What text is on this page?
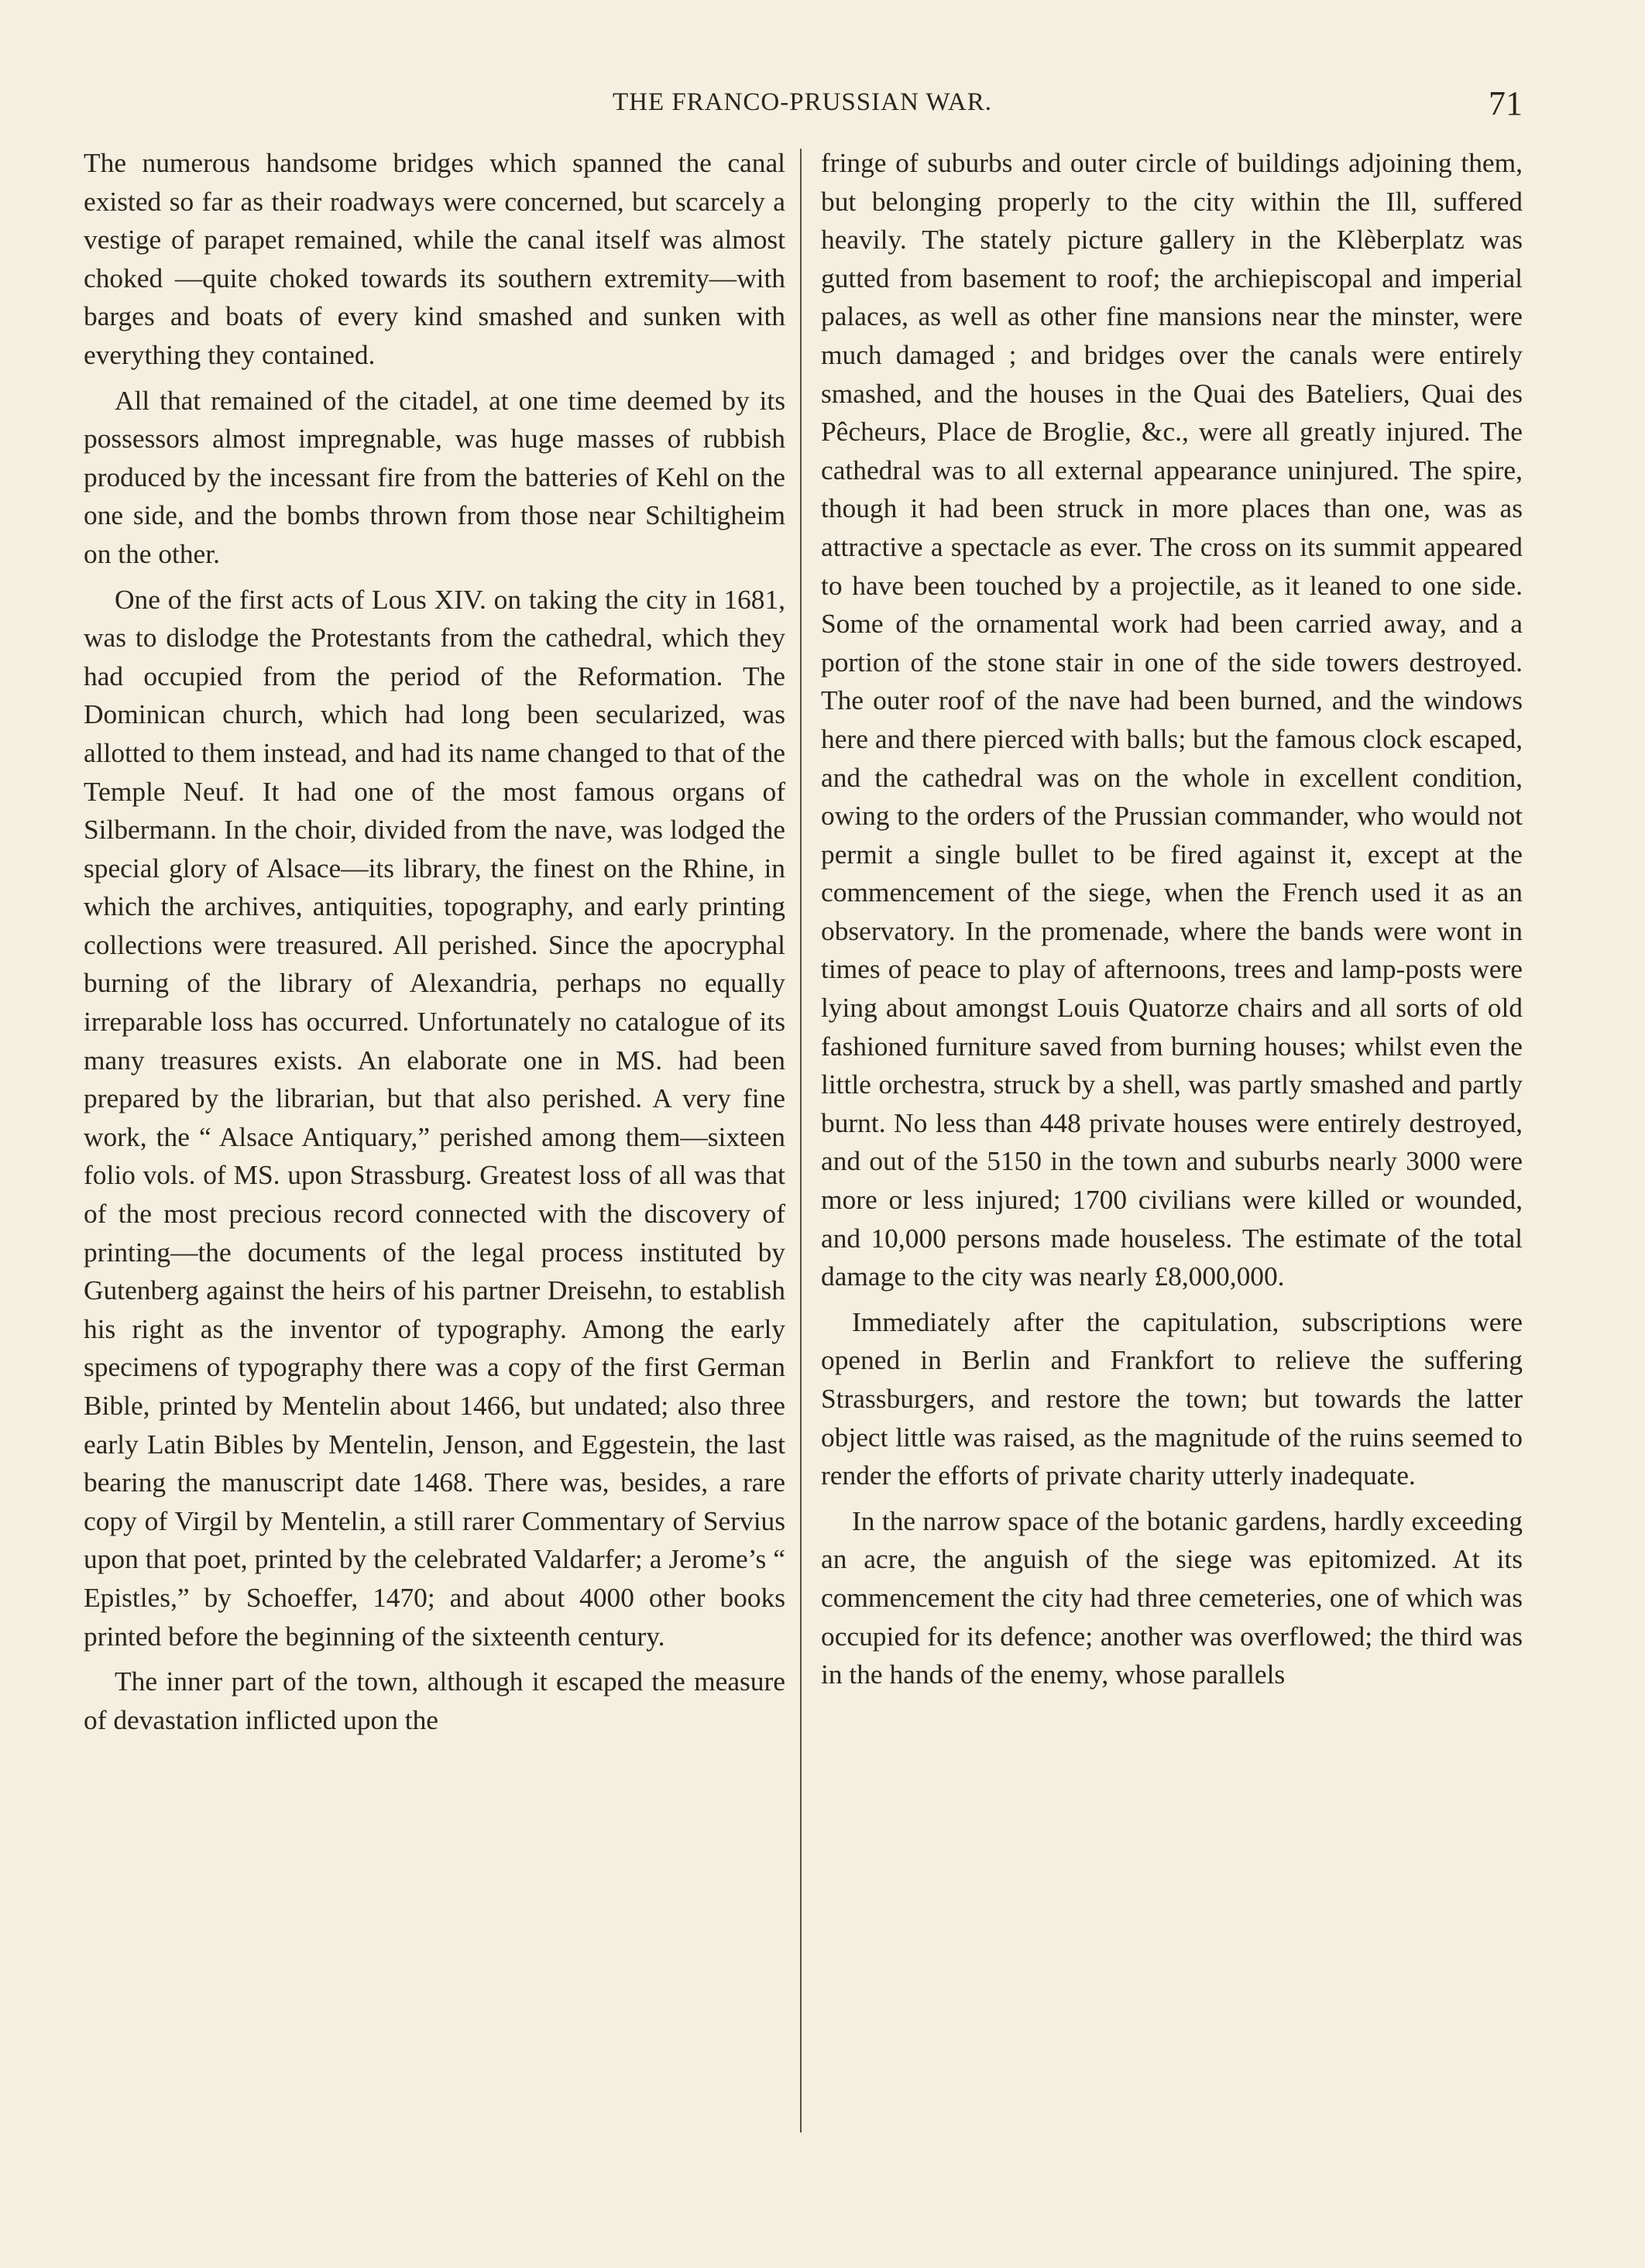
THE FRANCO-PRUSSIAN WAR.	71

The numerous handsome bridges which spanned the canal existed so far as their roadways were concerned, but scarcely a vestige of parapet remained, while the canal itself was almost choked —quite choked towards its southern extremity—with barges and boats of every kind smashed and sunken with everything they contained.

All that remained of the citadel, at one time deemed by its possessors almost impregnable, was huge masses of rubbish produced by the incessant fire from the batteries of Kehl on the one side, and the bombs thrown from those near Schiltigheim on the other.

One of the first acts of Lous XIV. on taking the city in 1681, was to dislodge the Protestants from the cathedral, which they had occupied from the period of the Reformation. The Dominican church, which had long been secularized, was allotted to them instead, and had its name changed to that of the Temple Neuf. It had one of the most famous organs of Silbermann. In the choir, divided from the nave, was lodged the special glory of Alsace—its library, the finest on the Rhine, in which the archives, antiquities, topography, and early printing collections were treasured. All perished. Since the apocryphal burning of the library of Alexandria, perhaps no equally irreparable loss has occurred. Unfortunately no catalogue of its many treasures exists. An elaborate one in MS. had been prepared by the librarian, but that also perished. A very fine work, the “ Alsace Antiquary,” perished among them—sixteen folio vols. of MS. upon Strassburg. Greatest loss of all was that of the most precious record connected with the discovery of printing—the documents of the legal process instituted by Gutenberg against the heirs of his partner Dreisehn, to establish his right as the inventor of typography. Among the early specimens of typography there was a copy of the first German Bible, printed by Mentelin about 1466, but undated; also three early Latin Bibles by Mentelin, Jenson, and Eggestein, the last bearing the manuscript date 1468. There was, besides, a rare copy of Virgil by Mentelin, a still rarer Commentary of Servius upon that poet, printed by the celebrated Valdarfer; a Jerome’s “ Epistles,” by Schoeffer, 1470; and about 4000 other books printed before the beginning of the sixteenth century.

The inner part of the town, although it escaped the measure of devastation inflicted upon the

fringe of suburbs and outer circle of buildings adjoining them, but belonging properly to the city within the Ill, suffered heavily. The stately picture gallery in the Klèberplatz was gutted from basement to roof; the archiepiscopal and imperial palaces, as well as other fine mansions near the minster, were much damaged ; and bridges over the canals were entirely smashed, and the houses in the Quai des Bateliers, Quai des Pêcheurs, Place de Broglie, &c., were all greatly injured. The cathedral was to all external appearance uninjured. The spire, though it had been struck in more places than one, was as attractive a spectacle as ever. The cross on its summit appeared to have been touched by a projectile, as it leaned to one side. Some of the ornamental work had been carried away, and a portion of the stone stair in one of the side towers destroyed. The outer roof of the nave had been burned, and the windows here and there pierced with balls; but the famous clock escaped, and the cathedral was on the whole in excellent condition, owing to the orders of the Prussian commander, who would not permit a single bullet to be fired against it, except at the commencement of the siege, when the French used it as an observatory. In the promenade, where the bands were wont in times of peace to play of afternoons, trees and lamp-posts were lying about amongst Louis Quatorze chairs and all sorts of old fashioned furniture saved from burning houses; whilst even the little orchestra, struck by a shell, was partly smashed and partly burnt. No less than 448 private houses were entirely destroyed, and out of the 5150 in the town and suburbs nearly 3000 were more or less injured; 1700 civilians were killed or wounded, and 10,000 persons made houseless. The estimate of the total damage to the city was nearly £8,000,000.

Immediately after the capitulation, subscriptions were opened in Berlin and Frankfort to relieve the suffering Strassburgers, and restore the town; but towards the latter object little was raised, as the magnitude of the ruins seemed to render the efforts of private charity utterly inadequate.

In the narrow space of the botanic gardens, hardly exceeding an acre, the anguish of the siege was epitomized. At its commencement the city had three cemeteries, one of which was occupied for its defence; another was overflowed; the third was in the hands of the enemy, whose parallels
